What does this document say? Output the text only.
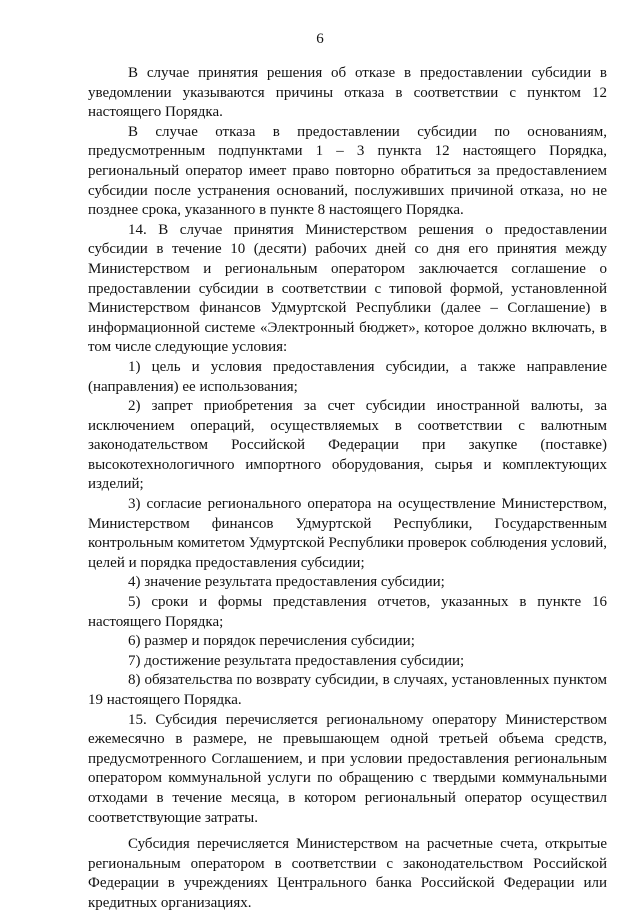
6

В случае принятия решения об отказе в предоставлении субсидии в уведомлении указываются причины отказа в соответствии с пунктом 12 настоящего Порядка.

В случае отказа в предоставлении субсидии по основаниям, предусмотренным подпунктами 1 – 3 пункта 12 настоящего Порядка, региональный оператор имеет право повторно обратиться за предоставлением субсидии после устранения оснований, послуживших причиной отказа, но не позднее срока, указанного в пункте 8 настоящего Порядка.

14. В случае принятия Министерством решения о предоставлении субсидии в течение 10 (десяти) рабочих дней со дня его принятия между Министерством и региональным оператором заключается соглашение о предоставлении субсидии в соответствии с типовой формой, установленной Министерством финансов Удмуртской Республики (далее – Соглашение) в информационной системе «Электронный бюджет», которое должно включать, в том числе следующие условия:

1) цель и условия предоставления субсидии, а также направление (направления) ее использования;

2) запрет приобретения за счет субсидии иностранной валюты, за исключением операций, осуществляемых в соответствии с валютным законодательством Российской Федерации при закупке (поставке) высокотехнологичного импортного оборудования, сырья и комплектующих изделий;

3) согласие регионального оператора на осуществление Министерством, Министерством финансов Удмуртской Республики, Государственным контрольным комитетом Удмуртской Республики проверок соблюдения условий, целей и порядка предоставления субсидии;

4) значение результата предоставления субсидии;

5) сроки и формы представления отчетов, указанных в пункте 16 настоящего Порядка;

6) размер и порядок перечисления субсидии;

7) достижение результата предоставления субсидии;

8) обязательства по возврату субсидии, в случаях, установленных пунктом 19 настоящего Порядка.

15. Субсидия перечисляется региональному оператору Министерством ежемесячно в размере, не превышающем одной третьей объема средств, предусмотренного Соглашением, и при условии предоставления региональным оператором коммунальной услуги по обращению с твердыми коммунальными отходами в течение месяца, в котором региональный оператор осуществил соответствующие затраты.

Субсидия перечисляется Министерством на расчетные счета, открытые региональным оператором в соответствии с законодательством Российской Федерации в учреждениях Центрального банка Российской Федерации или кредитных организациях.
